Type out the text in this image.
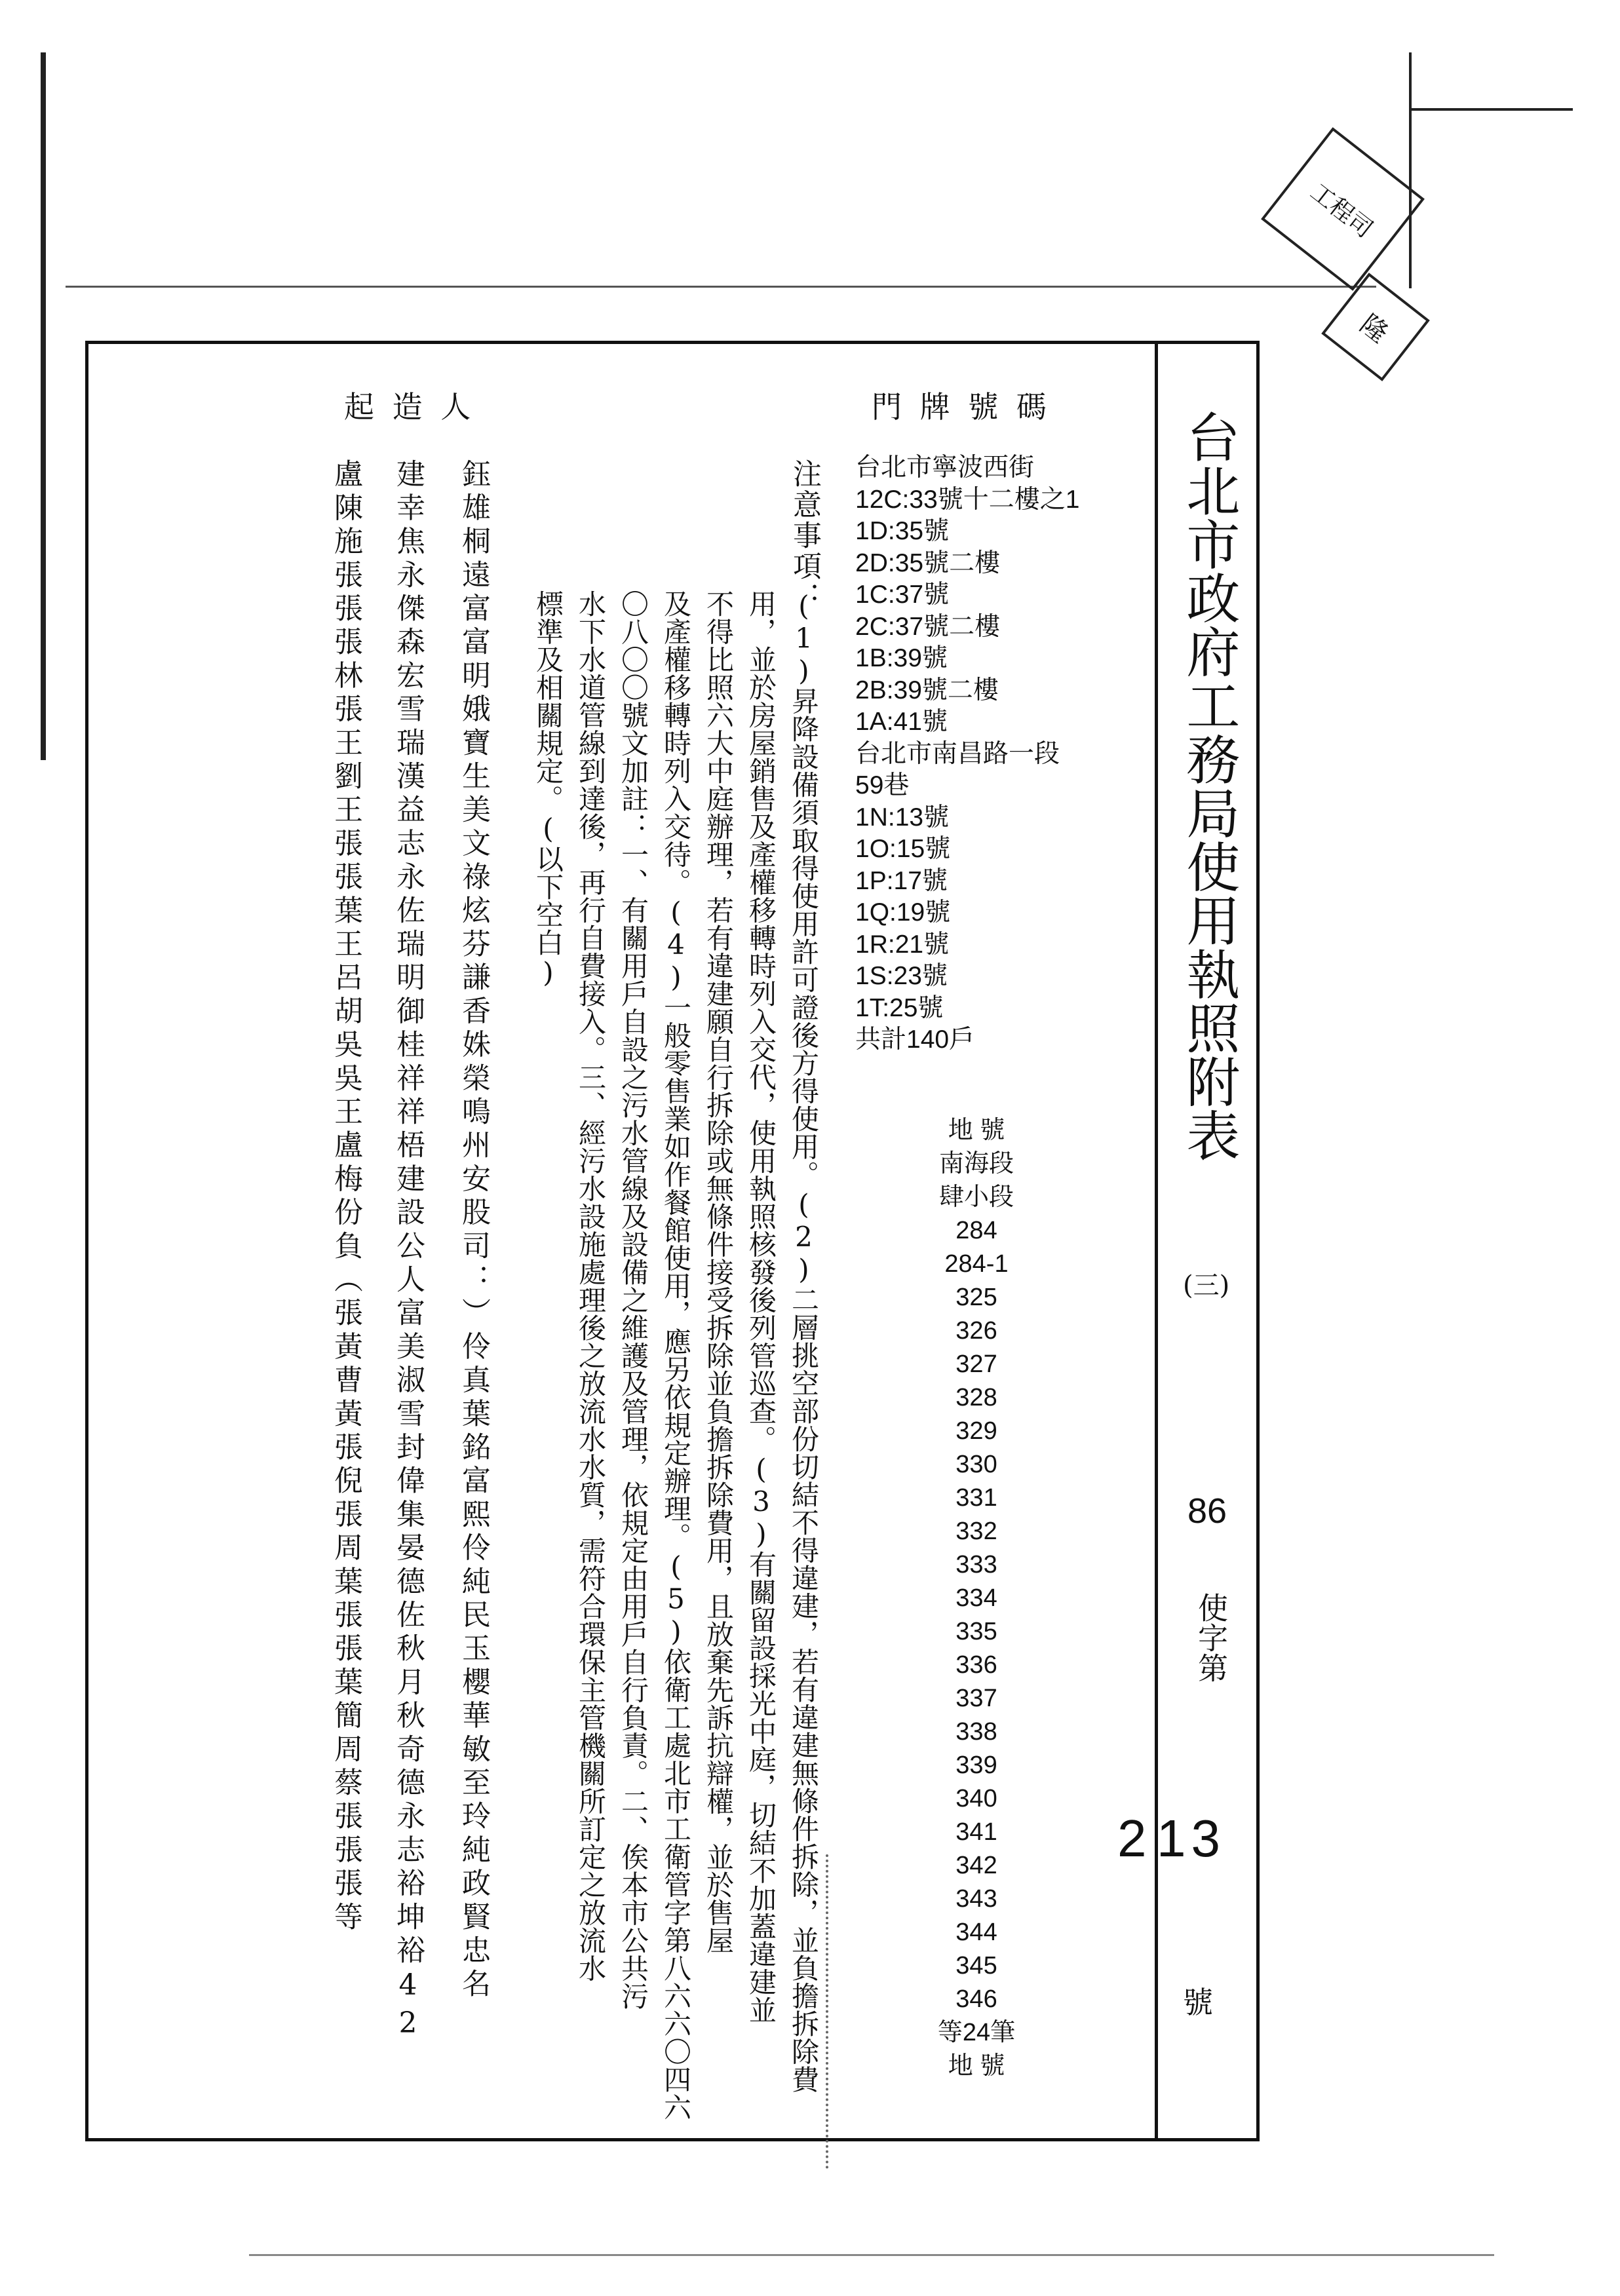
工程司
隆
台北市政府工務局使用執照附表
(三)
86
使字第
2 13
號
起造人	門牌號碼
台北市寧波西街
12C:33號十二樓之1
1D:35號
2D:35號二樓
1C:37號
2C:37號二樓
1B:39號
2B:39號二樓
1A:41號
台北市南昌路一段
59巷
1N:13號
1O:15號
1P:17號
1Q:19號
1R:21號
1S:23號
1T:25號
共計140戶
地 號
南海段
肆小段
284
284-1
325
326
327
328
329
330
331
332
333
334
335
336
337
338
339
340
341
342
343
344
345
346
等24筆
地 號
注意事項：
(1)昇降設備須取得使用許可證後方得使用。(2)二層挑空部份切結不得違建，若有違建無條件拆除，並負擔拆除費
用，並於房屋銷售及產權移轉時列入交代，使用執照核發後列管巡查。(3)有關留設採光中庭，切結不加蓋違建並
不得比照六大中庭辦理，若有違建願自行拆除或無條件接受拆除並負擔拆除費用，且放棄先訴抗辯權，並於售屋
及產權移轉時列入交待。(4)一般零售業如作餐館使用，應另依規定辦理。(5)依衛工處北市工衛管字第八六六〇四六
〇八〇〇號文加註：一、有關用戶自設之污水管線及設備之維護及管理，依規定由用戶自行負責。二、俟本市公共污
水下水道管線到達後，再行自費接入。三、經污水設施處理後之放流水水質，需符合環保主管機關所訂定之放流水
標準及相關規定。(以下空白)
鈺雄桐遠富富明娥寶生美文祿炫芬謙香姝榮鳴州安股司：）伶真葉銘富熙伶純民玉櫻華敏至玲純政賢忠名
建幸焦永傑森宏雪瑞漢益志永佐瑞明御桂祥祥梧建設公人富美淑雪封偉集晏德佐秋月秋奇德永志裕坤裕42
盧陳施張張張林張王劉王張張葉王呂胡吳吳王盧梅份負（張黃曹黃張倪張周葉張張葉簡周蔡張張張等
